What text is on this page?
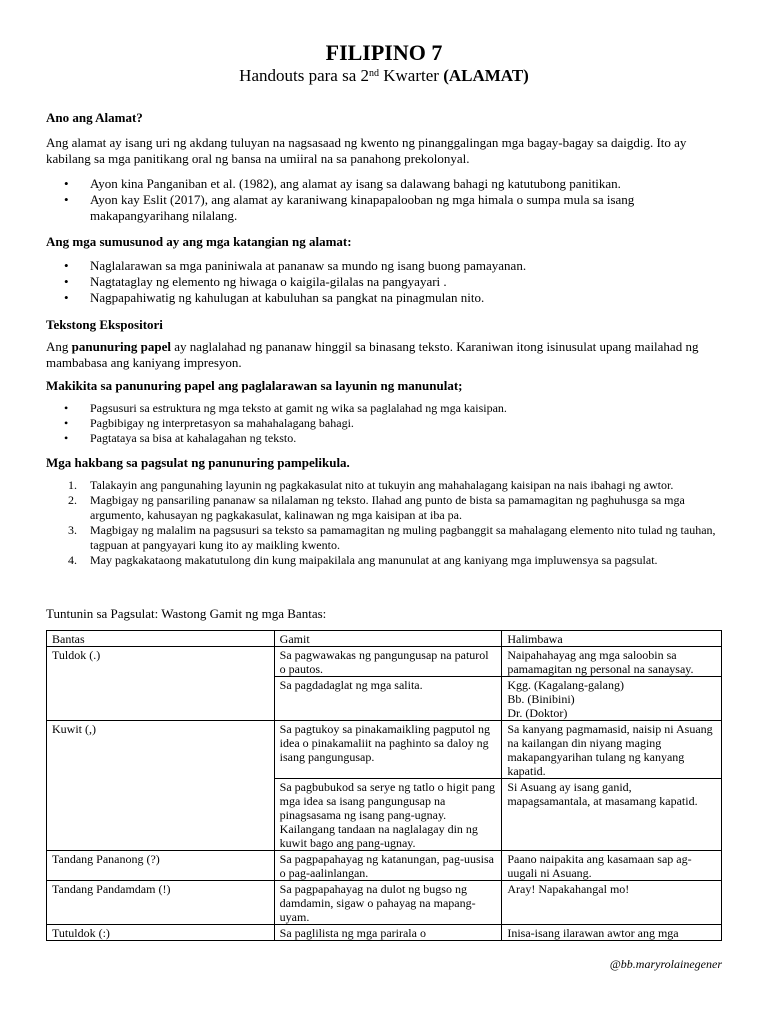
FILIPINO 7
Handouts para sa 2nd Kwarter (ALAMAT)
Ano ang Alamat?
Ang alamat ay isang uri ng akdang tuluyan na nagsasaad ng kwento ng pinanggalingan mga bagay-bagay sa daigdig. Ito ay kabilang sa mga panitikang oral ng bansa na umiiral na sa panahong prekolonyal.
• Ayon kina Panganiban et al. (1982), ang alamat ay isang sa dalawang bahagi ng katutubong panitikan.
• Ayon kay Eslit (2017), ang alamat ay karaniwang kinapapalooban ng mga himala o sumpa mula sa isang makapangyarihang nilalang.
Ang mga sumusunod ay ang mga katangian ng alamat:
• Naglalarawan sa mga paniniwala at pananaw sa mundo ng isang buong pamayanan.
• Nagtataglay ng elemento ng hiwaga o kaigila-gilalas na pangyayari .
• Nagpapahiwatig ng kahulugan at kabuluhan sa pangkat na pinagmulan nito.
Tekstong Ekspositori
Ang panunuring papel ay naglalahad ng pananaw hinggil sa binasang teksto. Karaniwan itong isinusulat upang mailahad ng mambabasa ang kaniyang impresyon.
Makikita sa panunuring papel ang paglalarawan sa layunin ng manunulat;
• Pagsusuri sa estruktura ng mga teksto at gamit ng wika sa paglalahad ng mga kaisipan.
• Pagbibigay ng interpretasyon sa mahahalagang bahagi.
• Pagtataya sa bisa at kahalagahan ng teksto.
Mga hakbang sa pagsulat ng panunuring pampelikula.
1. Talakayin ang pangunahing layunin ng pagkakasulat nito at tukuyin ang mahahalagang kaisipan na nais ibahagi ng awtor.
2. Magbigay ng pansariling pananaw sa nilalaman ng teksto. Ilahad ang punto de bista sa pamamagitan ng paghuhusga sa mga argumento, kahusayan ng pagkakasulat, kalinawan ng mga kaisipan at iba pa.
3. Magbigay ng malalim na pagsusuri sa teksto sa pamamagitan ng muling pagbanggit sa mahalagang elemento nito tulad ng tauhan, tagpuan at pangyayari kung ito ay maikling kwento.
4. May pagkakataong makatutulong din kung maipakilala ang manunulat at ang kaniyang mga impluwensya sa pagsulat.
Tuntunin sa Pagsulat: Wastong Gamit ng mga Bantas:
Bantas	Gamit	Halimbawa
Tuldok (.)	Sa pagwawakas ng pangungusap na paturol o pautos.	Naipahahayag ang mga saloobin sa pamamagitan ng personal na sanaysay.
	Sa pagdadaglat ng mga salita.	Kgg. (Kagalang-galang)
Bb. (Binibini)
Dr. (Doktor)

Kuwit (,)	Sa pagtukoy sa pinakamaikling pagputol ng idea o pinakamaliit na paghinto sa daloy ng isang pangungusap.	Sa kanyang pagmamasid, naisip ni Asuang na kailangan din niyang maging makapangyarihan tulang ng kanyang kapatid.
	Sa pagbubukod sa serye ng tatlo o higit pang mga idea sa isang pangungusap na pinagsasama ng isang pang-ugnay. Kailangang tandaan na naglalagay din ng kuwit bago ang pang-ugnay.	Si Asuang ay isang ganid, mapagsamantala, at masamang kapatid.
Tandang Pananong (?)	Sa pagpapahayag ng katanungan, pag-uusisa o pag-aalinlangan.	Paano naipakita ang kasamaan sap ag-uugali ni Asuang.
Tandang Pandamdam (!)	Sa pagpapahayag na dulot ng bugso ng damdamin, sigaw o pahayag na mapang-uyam.	Aray! Napakahangal mo!
Tutuldok (:)	Sa paglilista ng mga parirala o	Inisa-isang ilarawan awtor ang mga
@bb.maryrolainegener
